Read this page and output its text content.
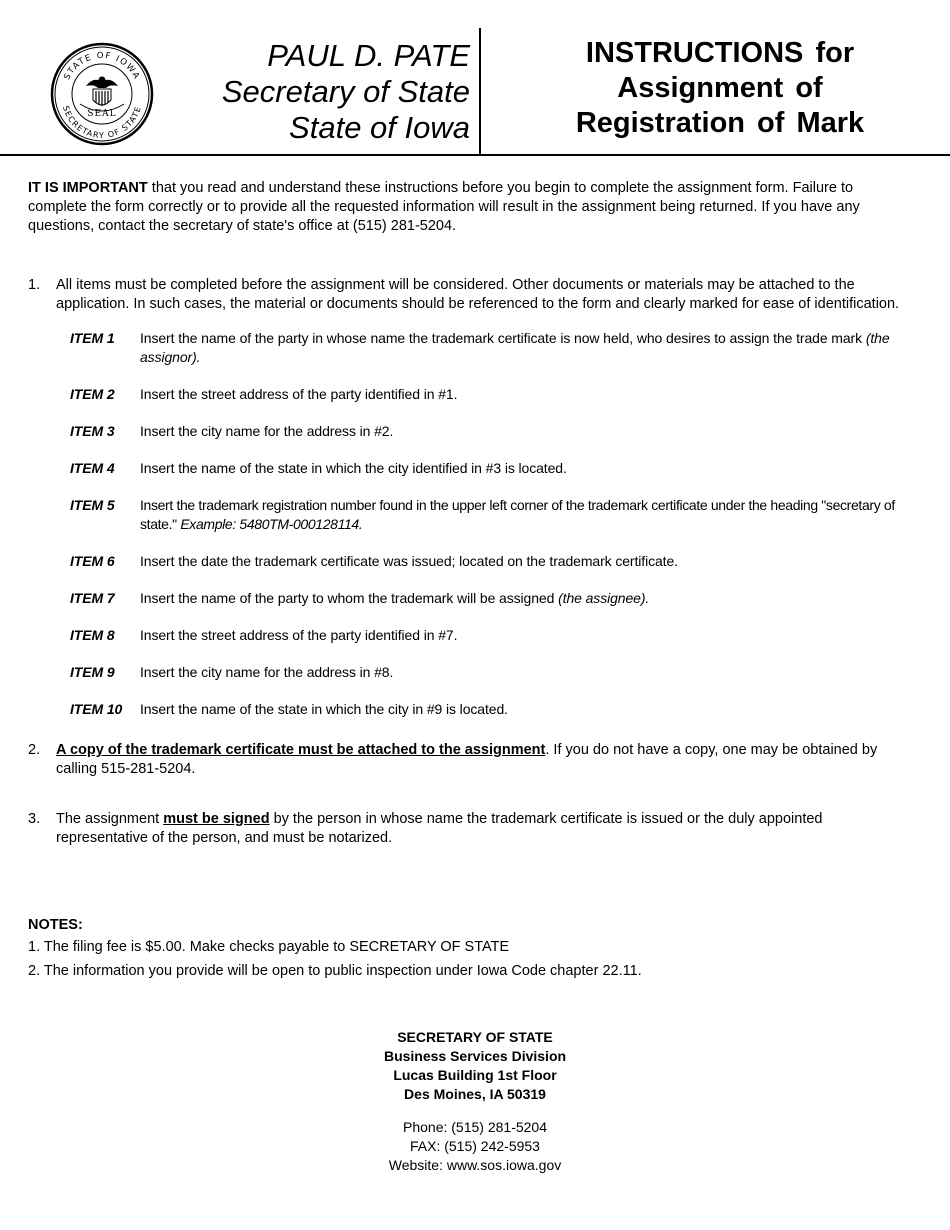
STATE OF IOWA
SECRETARY OF STATE
SEAL
PAUL D. PATE
Secretary of State
State of Iowa
INSTRUCTIONS for
Assignment of
Registration of Mark
IT IS IMPORTANT that you read and understand these instructions before you begin to complete the assignment form. Failure to complete the form correctly or to provide all the requested information will result in the assignment being returned. If you have any questions, contact the secretary of state's office at (515) 281-5204.
1. All items must be completed before the assignment will be considered. Other documents or materials may be attached to the application. In such cases, the material or documents should be referenced to the form and clearly marked for ease of identification.
ITEM 1 Insert the name of the party in whose name the trademark certificate is now held, who desires to assign the trade mark (the assignor).
ITEM 2 Insert the street address of the party identified in #1.
ITEM 3 Insert the city name for the address in #2.
ITEM 4 Insert the name of the state in which the city identified in #3 is located.
ITEM 5 Insert the trademark registration number found in the upper left corner of the trademark certificate under the heading "secretary of state." Example: 5480TM-000128114.
ITEM 6 Insert the date the trademark certificate was issued; located on the trademark certificate.
ITEM 7 Insert the name of the party to whom the trademark will be assigned (the assignee).
ITEM 8 Insert the street address of the party identified in #7.
ITEM 9 Insert the city name for the address in #8.
ITEM 10 Insert the name of the state in which the city in #9 is located.
2. A copy of the trademark certificate must be attached to the assignment. If you do not have a copy, one may be obtained by calling 515-281-5204.
3. The assignment must be signed by the person in whose name the trademark certificate is issued or the duly appointed representative of the person, and must be notarized.
NOTES:
1. The filing fee is $5.00. Make checks payable to SECRETARY OF STATE
2. The information you provide will be open to public inspection under Iowa Code chapter 22.11.
SECRETARY OF STATE
Business Services Division
Lucas Building 1st Floor
Des Moines, IA 50319
Phone: (515) 281-5204
FAX: (515) 242-5953
Website: www.sos.iowa.gov
